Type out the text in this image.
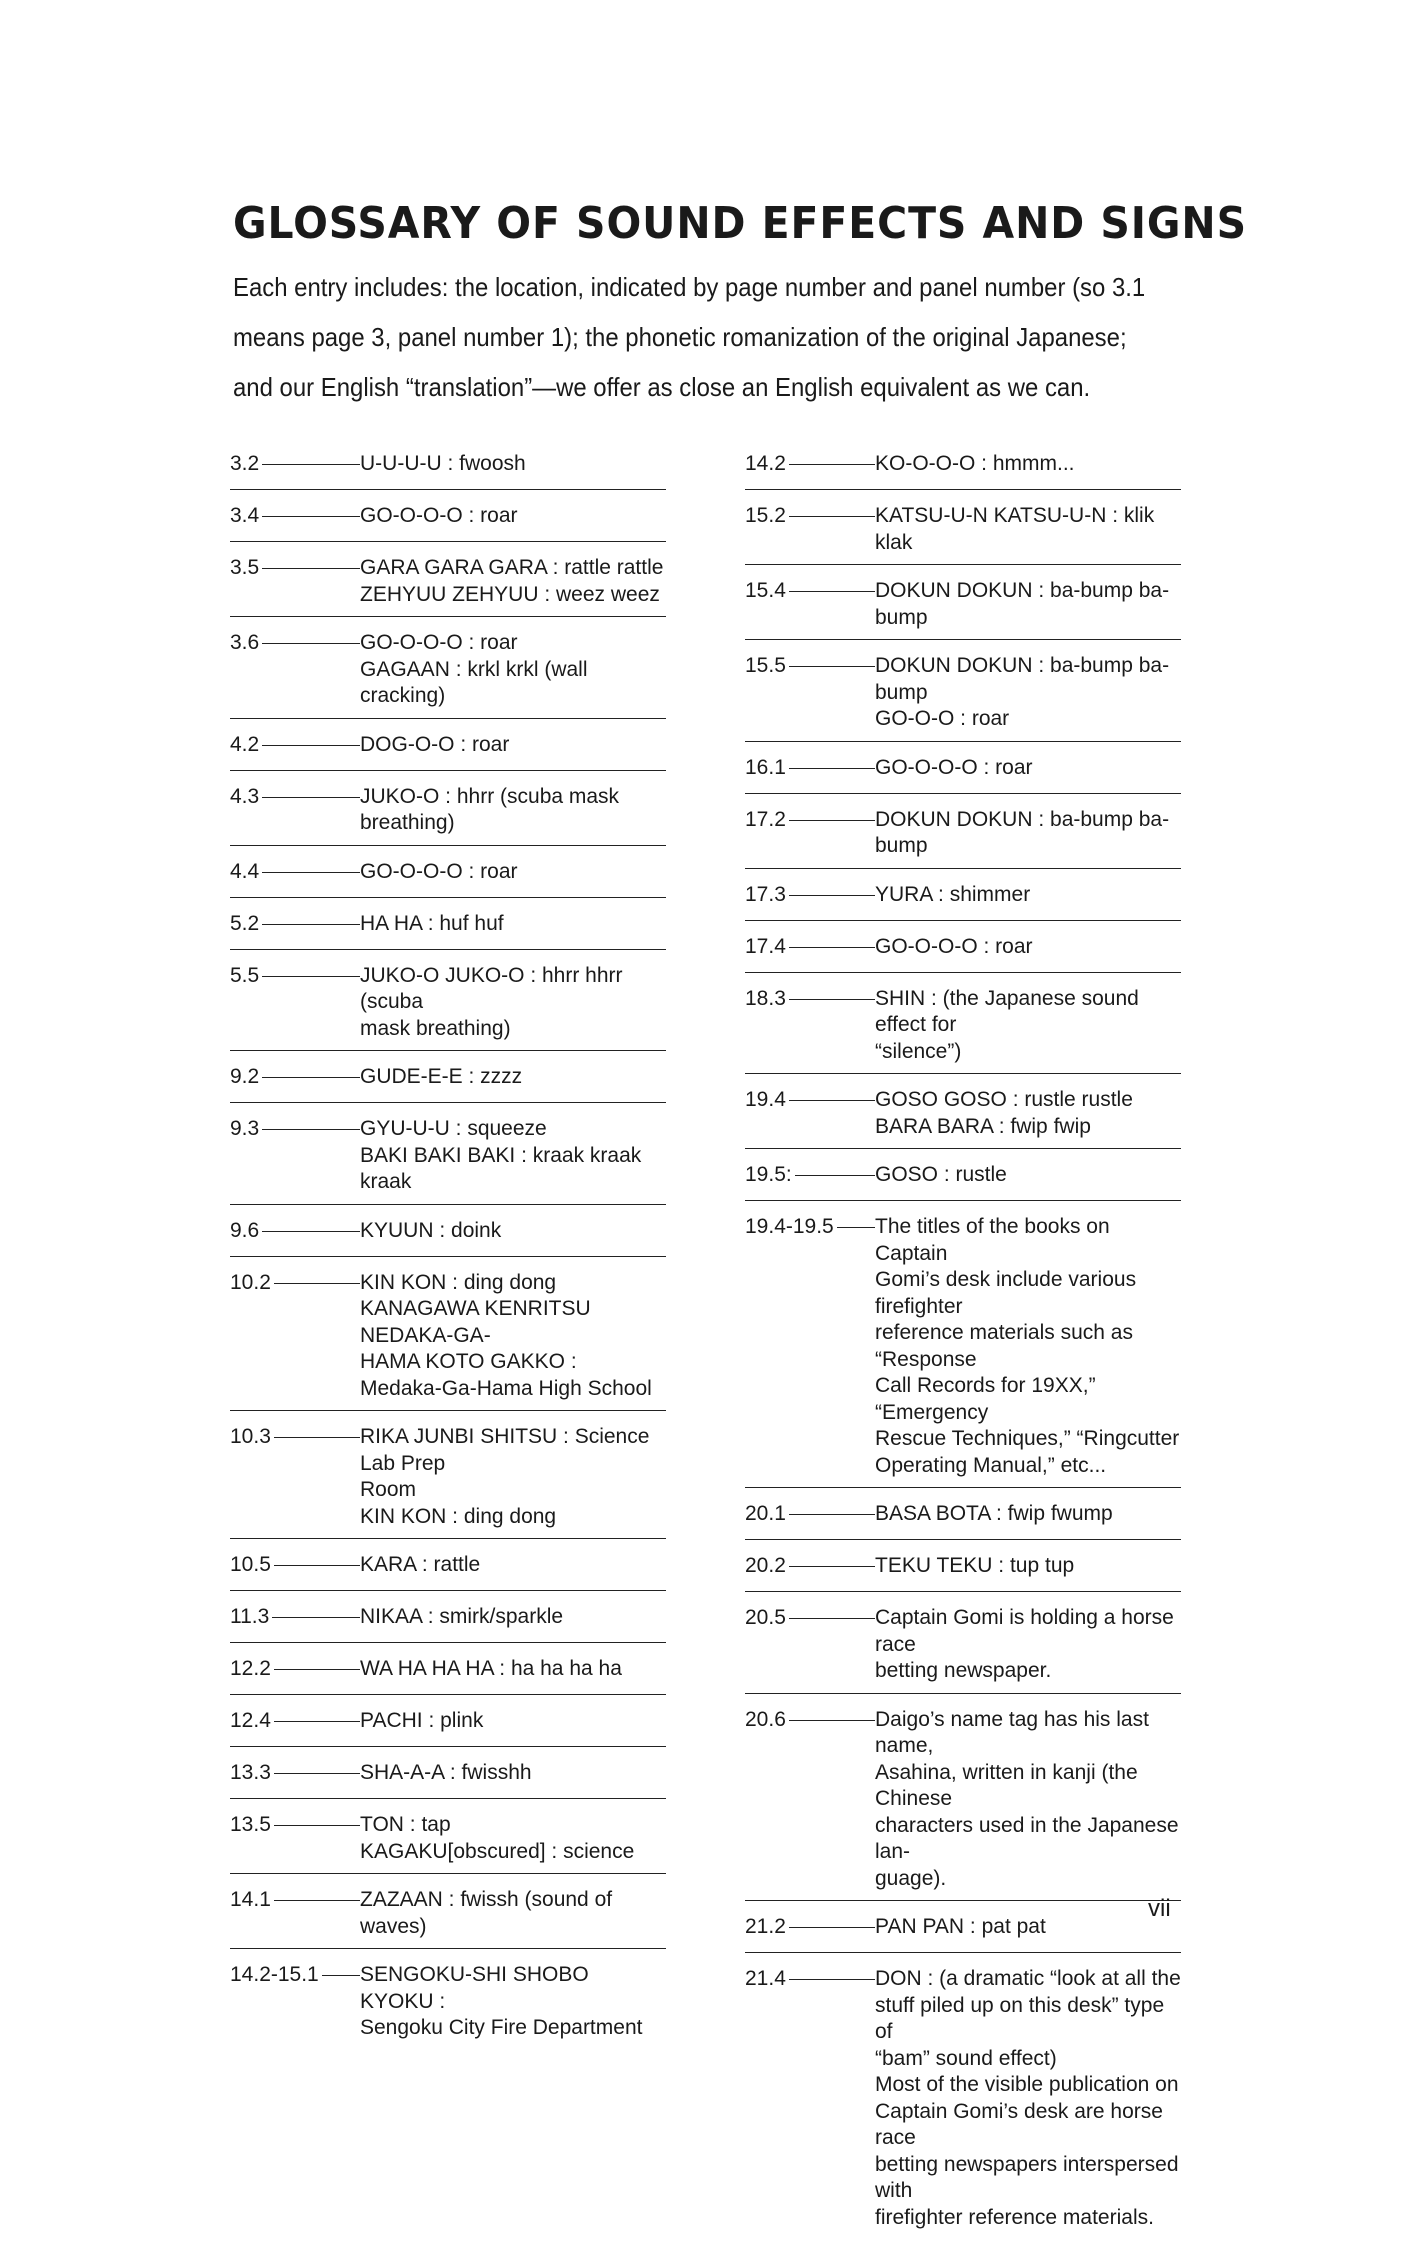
GLOSSARY OF SOUND EFFECTS AND SIGNS

Each entry includes: the location, indicated by page number and panel number (so 3.1 means page 3, panel number 1); the phonetic romanization of the original Japanese; and our English “translation”—we offer as close an English equivalent as we can.

3.2	U-U-U-U : fwoosh
3.4	GO-O-O-O : roar
3.5	GARA GARA GARA : rattle rattle
ZEHYUU ZEHYUU : weez weez
3.6	GO-O-O-O : roar
GAGAAN : krkl krkl (wall cracking)
4.2	DOG-O-O : roar
4.3	JUKO-O : hhrr (scuba mask breathing)
4.4	GO-O-O-O : roar
5.2	HA HA : huf huf
5.5	JUKO-O JUKO-O : hhrr hhrr (scuba
mask breathing)
9.2	GUDE-E-E : zzzz
9.3	GYU-U-U : squeeze
BAKI BAKI BAKI : kraak kraak kraak
9.6	KYUUN : doink
10.2	KIN KON : ding dong
KANAGAWA KENRITSU NEDAKA-GA-
HAMA KOTO GAKKO :
Medaka-Ga-Hama High School
10.3	RIKA JUNBI SHITSU : Science Lab Prep
Room
KIN KON : ding dong
10.5	KARA : rattle
11.3	NIKAA : smirk/sparkle
12.2	WA HA HA HA : ha ha ha ha
12.4	PACHI : plink
13.3	SHA-A-A : fwisshh
13.5	TON : tap
KAGAKU[obscured] : science
14.1	ZAZAAN : fwissh (sound of waves)
14.2-15.1 SENGOKU-SHI SHOBO KYOKU :
Sengoku City Fire Department
14.2	KO-O-O-O : hmmm...
15.2	KATSU-U-N KATSU-U-N : klik klak
15.4	DOKUN DOKUN : ba-bump ba-bump
15.5	DOKUN DOKUN : ba-bump ba-bump
GO-O-O : roar
16.1	GO-O-O-O : roar
17.2	DOKUN DOKUN : ba-bump ba-bump
17.3	YURA : shimmer
17.4	GO-O-O-O : roar
18.3	SHIN : (the Japanese sound effect for
“silence”)
19.4	GOSO GOSO : rustle rustle
BARA BARA : fwip fwip
19.5:	GOSO : rustle
19.4-19.5 The titles of the books on Captain
Gomi’s desk include various firefighter
reference materials such as “Response
Call Records for 19XX,” “Emergency
Rescue Techniques,” “Ringcutter
Operating Manual,” etc...
20.1	BASA BOTA : fwip fwump
20.2	TEKU TEKU : tup tup
20.5	Captain Gomi is holding a horse race
betting newspaper.
20.6	Daigo’s name tag has his last name,
Asahina, written in kanji (the Chinese
characters used in the Japanese lan-
guage).
21.2	PAN PAN : pat pat
21.4	DON : (a dramatic “look at all the
stuff piled up on this desk” type of
“bam” sound effect)
Most of the visible publication on
Captain Gomi’s desk are horse race
betting newspapers interspersed with
firefighter reference materials.
vii
